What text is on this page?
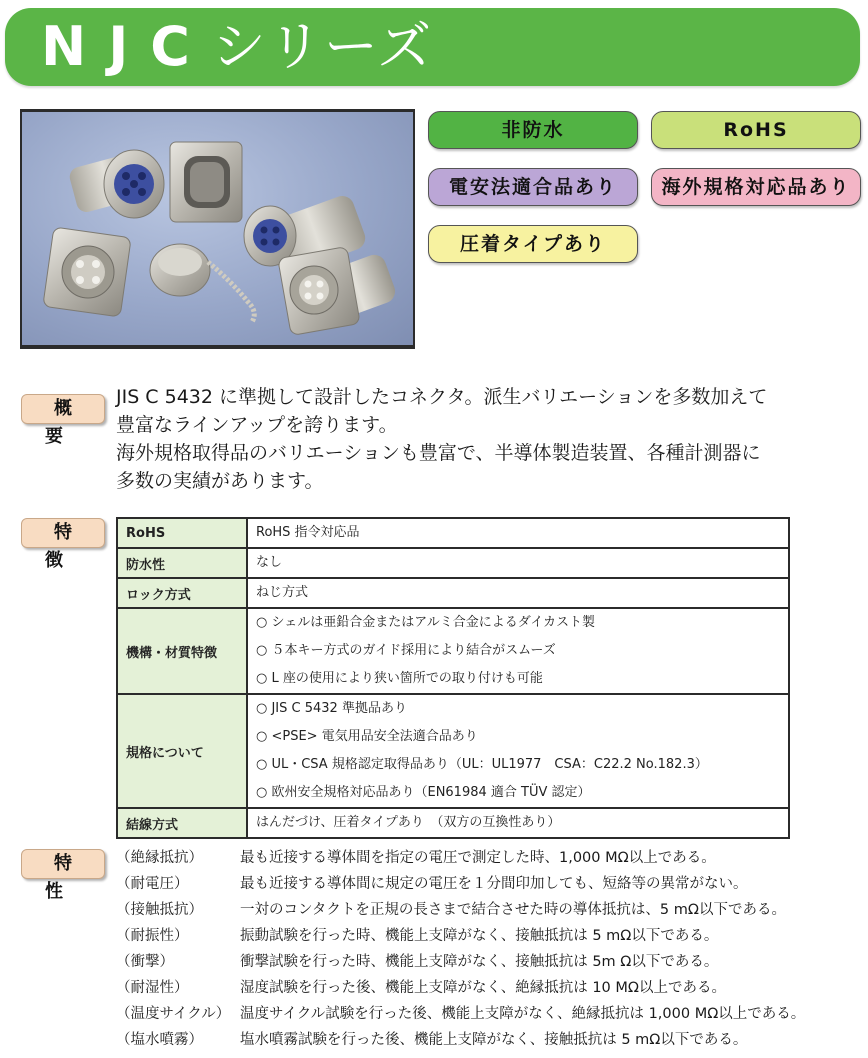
NJCシリーズ
非防水	RoHS
電安法適合品あり	海外規格対応品あり
圧着タイプあり
概要
JIS C 5432 に準拠して設計したコネクタ。派生バリエーションを多数加えて
豊富なラインアップを誇ります。
海外規格取得品のバリエーションも豊富で、半導体製造装置、各種計測器に
多数の実績があります。
特徴
RoHS	RoHS 指令対応品

防水性	なし

ロック方式	ねじ方式

機構・材質特徴	○ シェルは亜鉛合金またはアルミ合金によるダイカスト製
○ ５本キー方式のガイド採用により結合がスムーズ
○ L 座の使用により狭い箇所での取り付けも可能

規格について	○ JIS C 5432 準拠品あり
○ <PSE> 電気用品安全法適合品あり
○ UL・CSA 規格認定取得品あり（UL：UL1977　CSA：C22.2 No.182.3）
○ 欧州安全規格対応品あり（EN61984 適合 TÜV 認定）

結線方式	はんだづけ、圧着タイプあり　（双方の互換性あり）
特性
（絶縁抵抗）	最も近接する導体間を指定の電圧で測定した時、1,000 MΩ以上である。
（耐電圧）	最も近接する導体間に規定の電圧を１分間印加しても、短絡等の異常がない。
（接触抵抗）	一対のコンタクトを正規の長さまで結合させた時の導体抵抗は、5 mΩ以下である。
（耐振性）	振動試験を行った時、機能上支障がなく、接触抵抗は 5 mΩ以下である。
（衝撃）	衝撃試験を行った時、機能上支障がなく、接触抵抗は 5m Ω以下である。
（耐湿性）	湿度試験を行った後、機能上支障がなく、絶縁抵抗は 10 MΩ以上である。
（温度サイクル） 温度サイクル試験を行った後、機能上支障がなく、絶縁抵抗は 1,000 MΩ以上である。
（塩水噴霧）	塩水噴霧試験を行った後、機能上支障がなく、接触抵抗は 5 mΩ以下である。
